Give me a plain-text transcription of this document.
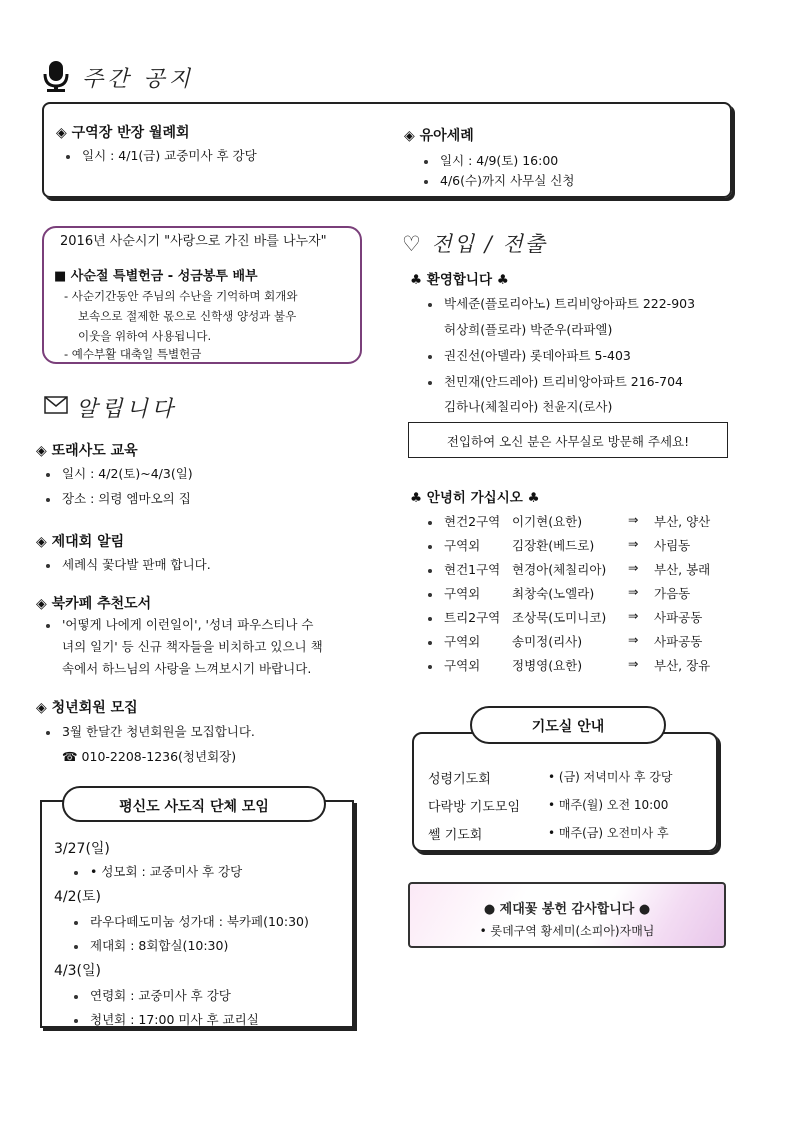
주간 공지
◈ 구역장 반장 월례회
일시 : 4/1(금) 교중미사 후 강당
◈ 유아세례
일시 : 4/9(토) 16:00
4/6(수)까지 사무실 신청
2016년 사순시기 "사랑으로 가진 바를 나누자"
■ 사순절 특별헌금 - 성금봉투 배부
- 사순기간동안 주님의 수난을 기억하며 회개와
보속으로 절제한 몫으로 신학생 양성과 불우
이웃을 위하여 사용됩니다.
- 예수부활 대축일 특별헌금
알립니다
◈ 또래사도 교육
일시 : 4/2(토)~4/3(일)
장소 : 의령 엠마오의 집
◈ 제대회 알림
세례식 꽃다발 판매 합니다.
◈ 북카페 추천도서
'어떻게 나에게 이런일이', '성녀 파우스티나 수
녀의 일기' 등 신규 책자들을 비치하고 있으니 책
속에서 하느님의 사랑을 느껴보시기 바랍니다.
◈ 청년회원 모집
3월 한달간 청년회원을 모집합니다.
☎ 010-2208-1236(청년회장)
평신도 사도직 단체 모임
3/27(일)
• 성모회 : 교중미사 후 강당
4/2(토)
라우다떼도미눔 성가대 : 북카페(10:30)
제대회 : 8회합실(10:30)
4/3(일)
연령회 : 교중미사 후 강당
청년회 : 17:00 미사 후 교리실
♡ 전입 / 전출
♣ 환영합니다 ♣
박세준(플로리아노) 트리비앙아파트 222-903
허상희(플로라) 박준우(라파엘)
권진선(아델라) 롯데아파트 5-403
천민재(안드레아) 트리비앙아파트 216-704
김하나(체칠리아) 천윤지(로사)
전입하여 오신 분은 사무실로 방문해 주세요!
♣ 안녕히 가십시오 ♣
현건2구역 이기현(요한)	⇒ 부산, 양산
구역외	김장환(베드로)	⇒ 사림동
현건1구역 현경아(체칠리아) ⇒ 부산, 봉래
구역외	최창숙(노엘라)	⇒ 가음동
트리2구역 조상묵(도미니코) ⇒ 사파공동
구역외	송미정(리사)	⇒ 사파공동
구역외	정병영(요한)	⇒ 부산, 장유
기도실 안내
성령기도회	• (금) 저녁미사 후 강당
다락방 기도모임 • 매주(월) 오전 10:00
쎌 기도회	• 매주(금) 오전미사 후
● 제대꽃 봉헌 감사합니다 ●
• 롯데구역 황세미(소피아)자매님
